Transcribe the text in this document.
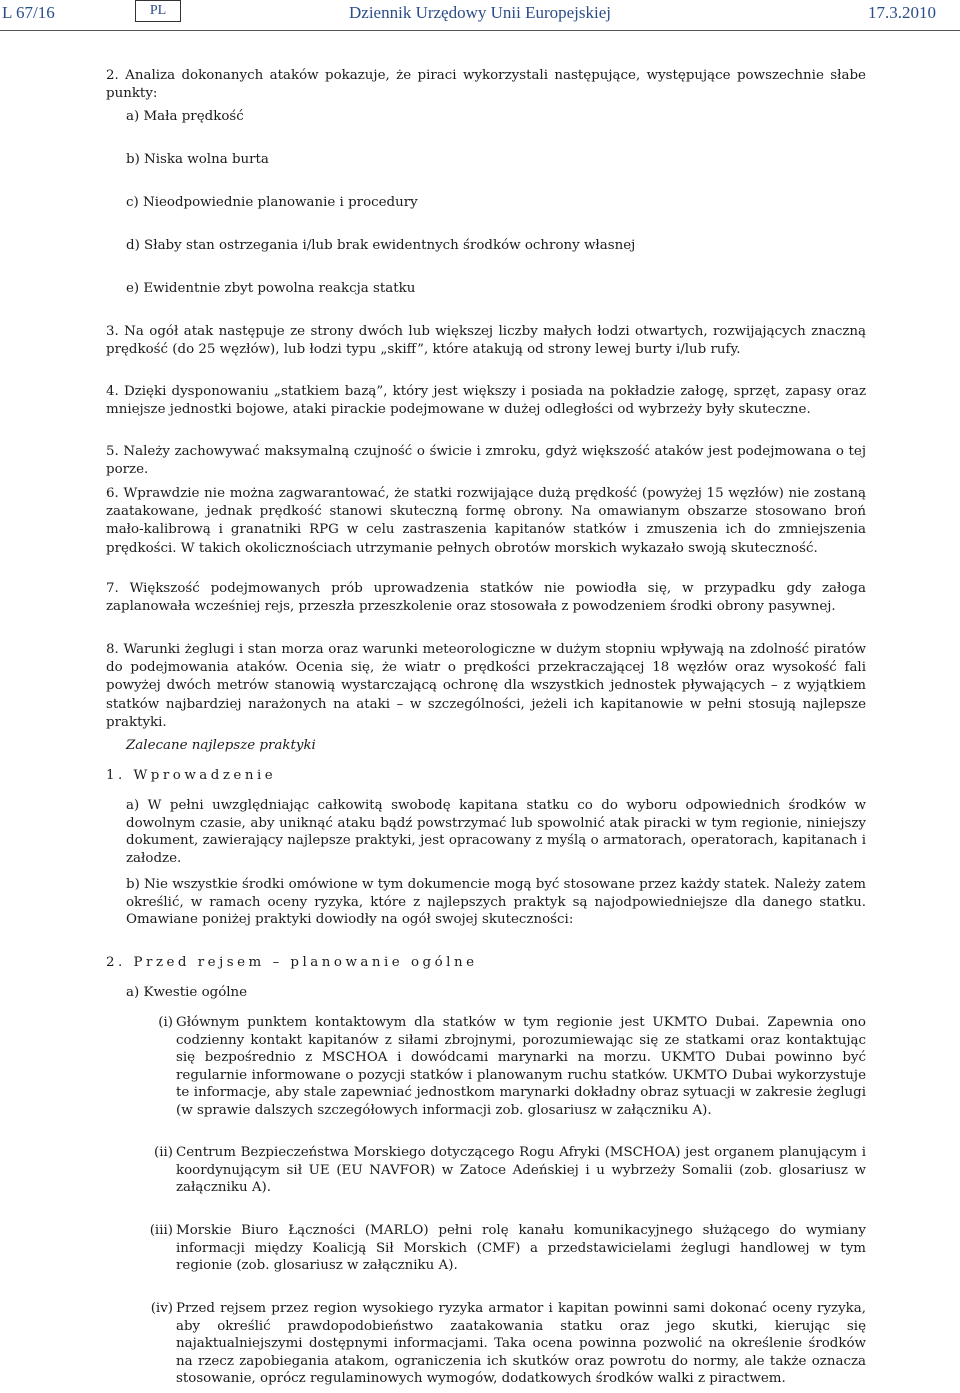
L 67/16	PL	Dziennik Urzędowy Unii Europejskiej	17.3.2010
2. Analiza dokonanych ataków pokazuje, że piraci wykorzystali następujące, występujące powszechnie słabe punkty:
a) Mała prędkość
b) Niska wolna burta
c) Nieodpowiednie planowanie i procedury
d) Słaby stan ostrzegania i/lub brak ewidentnych środków ochrony własnej
e) Ewidentnie zbyt powolna reakcja statku
3. Na ogół atak następuje ze strony dwóch lub większej liczby małych łodzi otwartych, rozwijających znaczną prędkość (do 25 węzłów), lub łodzi typu „skiff”, które atakują od strony lewej burty i/lub rufy.
4. Dzięki dysponowaniu „statkiem bazą”, który jest większy i posiada na pokładzie załogę, sprzęt, zapasy oraz mniejsze jednostki bojowe, ataki pirackie podejmowane w dużej odległości od wybrzeży były skuteczne.
5. Należy zachowywać maksymalną czujność o świcie i zmroku, gdyż większość ataków jest podejmowana o tej porze.
6. Wprawdzie nie można zagwarantować, że statki rozwijające dużą prędkość (powyżej 15 węzłów) nie zostaną zaatakowane, jednak prędkość stanowi skuteczną formę obrony. Na omawianym obszarze stosowano broń mało-kalibrową i granatniki RPG w celu zastraszenia kapitanów statków i zmuszenia ich do zmniejszenia prędkości. W takich okolicznościach utrzymanie pełnych obrotów morskich wykazało swoją skuteczność.
7. Większość podejmowanych prób uprowadzenia statków nie powiodła się, w przypadku gdy załoga zaplanowała wcześniej rejs, przeszła przeszkolenie oraz stosowała z powodzeniem środki obrony pasywnej.
8. Warunki żeglugi i stan morza oraz warunki meteorologiczne w dużym stopniu wpływają na zdolność piratów do podejmowania ataków. Ocenia się, że wiatr o prędkości przekraczającej 18 węzłów oraz wysokość fali powyżej dwóch metrów stanowią wystarczającą ochronę dla wszystkich jednostek pływających – z wyjątkiem statków najbardziej narażonych na ataki – w szczególności, jeżeli ich kapitanowie w pełni stosują najlepsze praktyki.
Zalecane najlepsze praktyki
1. Wprowadzenie
a) W pełni uwzględniając całkowitą swobodę kapitana statku co do wyboru odpowiednich środków w dowolnym czasie, aby uniknąć ataku bądź powstrzymać lub spowolnić atak piracki w tym regionie, niniejszy dokument, zawierający najlepsze praktyki, jest opracowany z myślą o armatorach, operatorach, kapitanach i załodze.
b) Nie wszystkie środki omówione w tym dokumencie mogą być stosowane przez każdy statek. Należy zatem określić, w ramach oceny ryzyka, które z najlepszych praktyk są najodpowiedniejsze dla danego statku. Omawiane poniżej praktyki dowiodły na ogół swojej skuteczności:
2. Przed rejsem – planowanie ogólne
a) Kwestie ogólne
(i) Głównym punktem kontaktowym dla statków w tym regionie jest UKMTO Dubai. Zapewnia ono codzienny kontakt kapitanów z siłami zbrojnymi, porozumiewając się ze statkami oraz kontaktując się bezpośrednio z MSCHOA i dowódcami marynarki na morzu. UKMTO Dubai powinno być regularnie informowane o pozycji statków i planowanym ruchu statków. UKMTO Dubai wykorzystuje te informacje, aby stale zapewniać jednostkom marynarki dokładny obraz sytuacji w zakresie żeglugi (w sprawie dalszych szczegółowych informacji zob. glosariusz w załączniku A).
(ii) Centrum Bezpieczeństwa Morskiego dotyczącego Rogu Afryki (MSCHOA) jest organem planującym i koordynującym sił UE (EU NAVFOR) w Zatoce Adeńskiej i u wybrzeży Somalii (zob. glosariusz w załączniku A).
(iii) Morskie Biuro Łączności (MARLO) pełni rolę kanału komunikacyjnego służącego do wymiany informacji między Koalicją Sił Morskich (CMF) a przedstawicielami żeglugi handlowej w tym regionie (zob. glosariusz w załączniku A).
(iv) Przed rejsem przez region wysokiego ryzyka armator i kapitan powinni sami dokonać oceny ryzyka, aby określić prawdopodobieństwo zaatakowania statku oraz jego skutki, kierując się najaktualniejszymi dostępnymi informacjami. Taka ocena powinna pozwolić na określenie środków na rzecz zapobiegania atakom, ograniczenia ich skutków oraz powrotu do normy, ale także oznacza stosowanie, oprócz regulaminowych wymogów, dodatkowych środków walki z piractwem.
